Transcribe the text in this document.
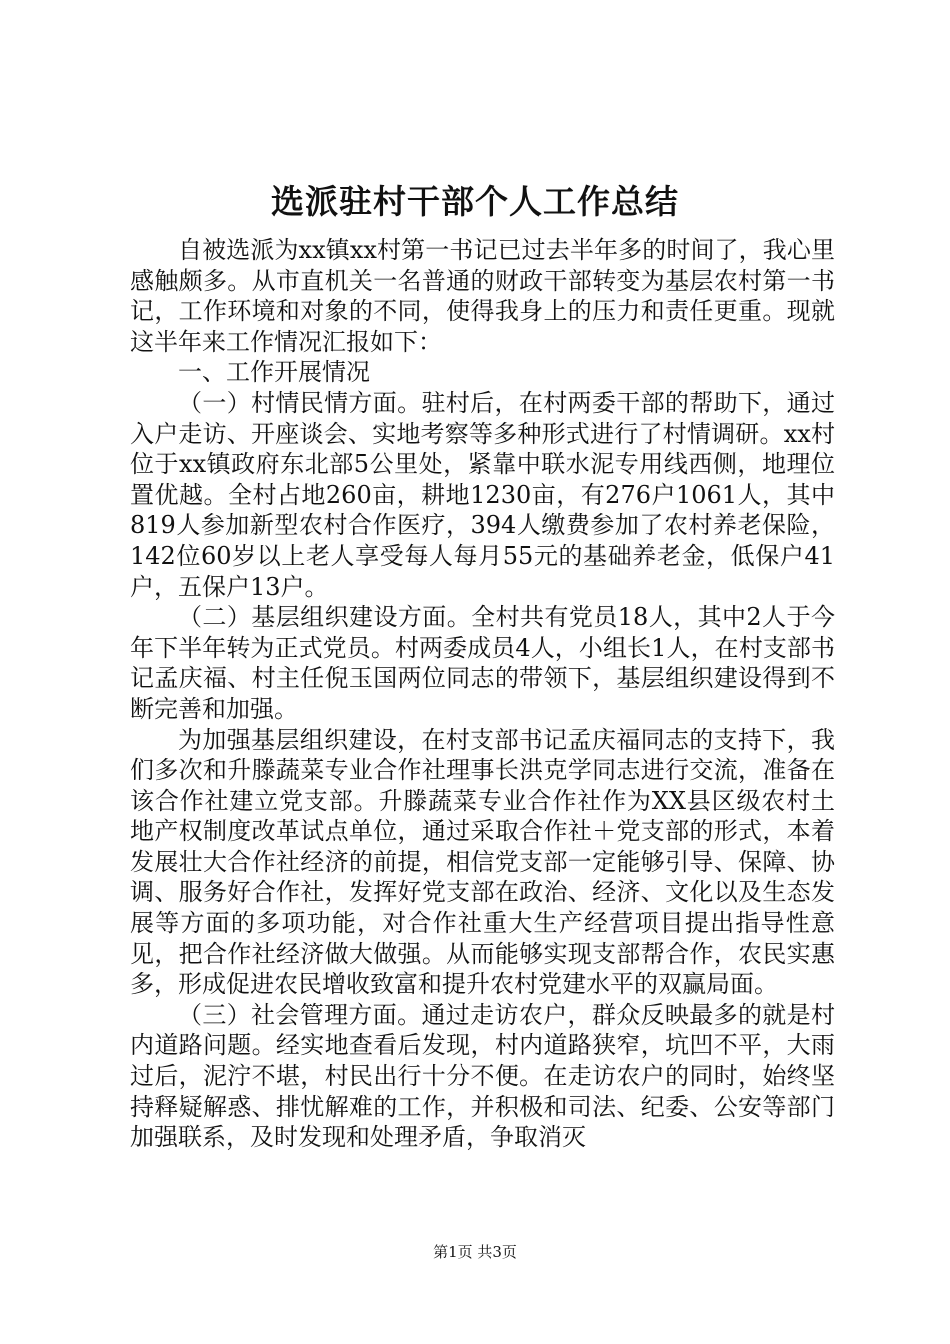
选派驻村干部个人工作总结

自被选派为xx镇xx村第一书记已过去半年多的时间了，我心里感触颇多。从市直机关一名普通的财政干部转变为基层农村第一书记，工作环境和对象的不同，使得我身上的压力和责任更重。现就这半年来工作情况汇报如下：

一、工作开展情况

（一）村情民情方面。驻村后，在村两委干部的帮助下，通过入户走访、开座谈会、实地考察等多种形式进行了村情调研。xx村位于xx镇政府东北部5公里处，紧靠中联水泥专用线西侧，地理位置优越。全村占地260亩，耕地1230亩，有276户1061人，其中819人参加新型农村合作医疗，394人缴费参加了农村养老保险，142位60岁以上老人享受每人每月55元的基础养老金，低保户41户，五保户13户。

（二）基层组织建设方面。全村共有党员18人，其中2人于今年下半年转为正式党员。村两委成员4人，小组长1人，在村支部书记孟庆福、村主任倪玉国两位同志的带领下，基层组织建设得到不断完善和加强。

为加强基层组织建设，在村支部书记孟庆福同志的支持下，我们多次和升滕蔬菜专业合作社理事长洪克学同志进行交流，准备在该合作社建立党支部。升滕蔬菜专业合作社作为XX县区级农村土地产权制度改革试点单位，通过采取合作社＋党支部的形式，本着发展壮大合作社经济的前提，相信党支部一定能够引导、保障、协调、服务好合作社，发挥好党支部在政治、经济、文化以及生态发展等方面的多项功能，对合作社重大生产经营项目提出指导性意见，把合作社经济做大做强。从而能够实现支部帮合作，农民实惠多，形成促进农民增收致富和提升农村党建水平的双赢局面。

（三）社会管理方面。通过走访农户，群众反映最多的就是村内道路问题。经实地查看后发现，村内道路狭窄，坑凹不平，大雨过后，泥泞不堪，村民出行十分不便。在走访农户的同时，始终坚持释疑解惑、排忧解难的工作，并积极和司法、纪委、公安等部门加强联系，及时发现和处理矛盾，争取消灭

第1页 共3页
